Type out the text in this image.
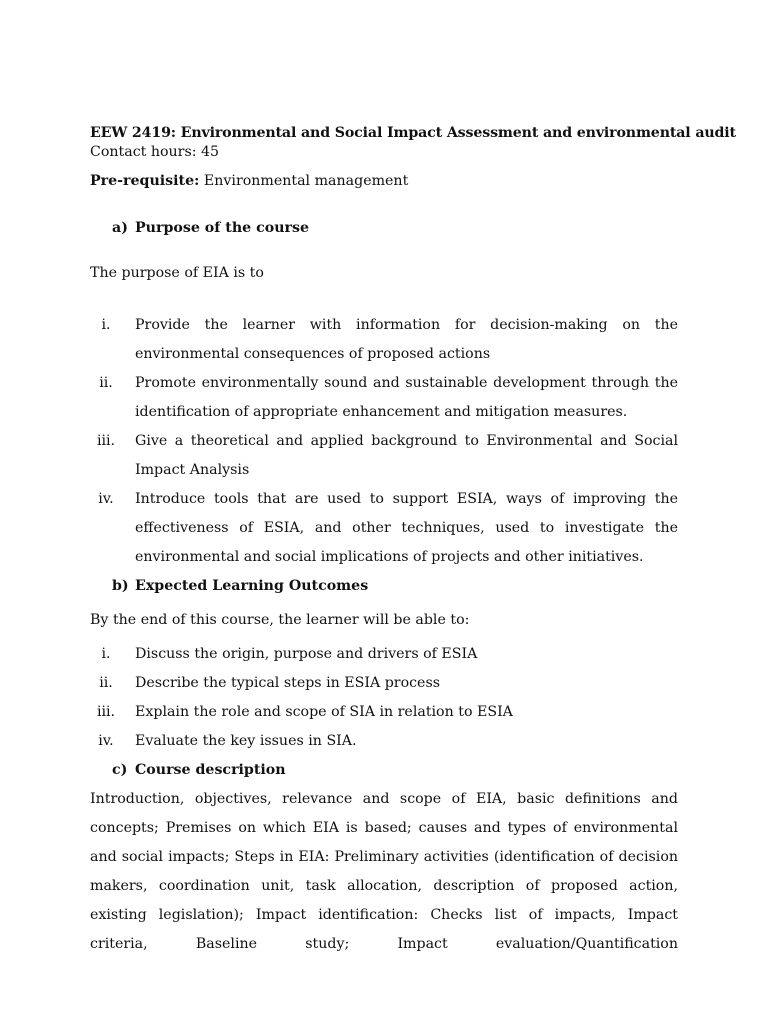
EEW 2419: Environmental and Social Impact Assessment and environmental audit

Contact hours: 45

Pre-requisite: Environmental management

a) Purpose of the course

The purpose of EIA is to

i.	Provide the learner with information for decision-making on the environmental consequences of proposed actions
ii.	Promote environmentally sound and sustainable development through the identification of appropriate enhancement and mitigation measures.
iii.	Give a theoretical and applied background to Environmental and Social Impact Analysis
iv.	Introduce tools that are used to support ESIA, ways of improving the effectiveness of ESIA, and other techniques, used to investigate the environmental and social implications of projects and other initiatives.
b) Expected Learning Outcomes

By the end of this course, the learner will be able to:

i.	Discuss the origin, purpose and drivers of ESIA
ii.	Describe the typical steps in ESIA process
iii.	Explain the role and scope of SIA in relation to ESIA
iv.	Evaluate the key issues in SIA.
c) Course description

Introduction, objectives, relevance and scope of EIA, basic definitions and concepts; Premises on which EIA is based; causes and types of environmental and social impacts; Steps in EIA: Preliminary activities (identification of decision makers, coordination unit, task allocation, description of proposed action, existing legislation); Impact identification: Checks list of impacts, Impact criteria, Baseline study; Impact evaluation/Quantification
